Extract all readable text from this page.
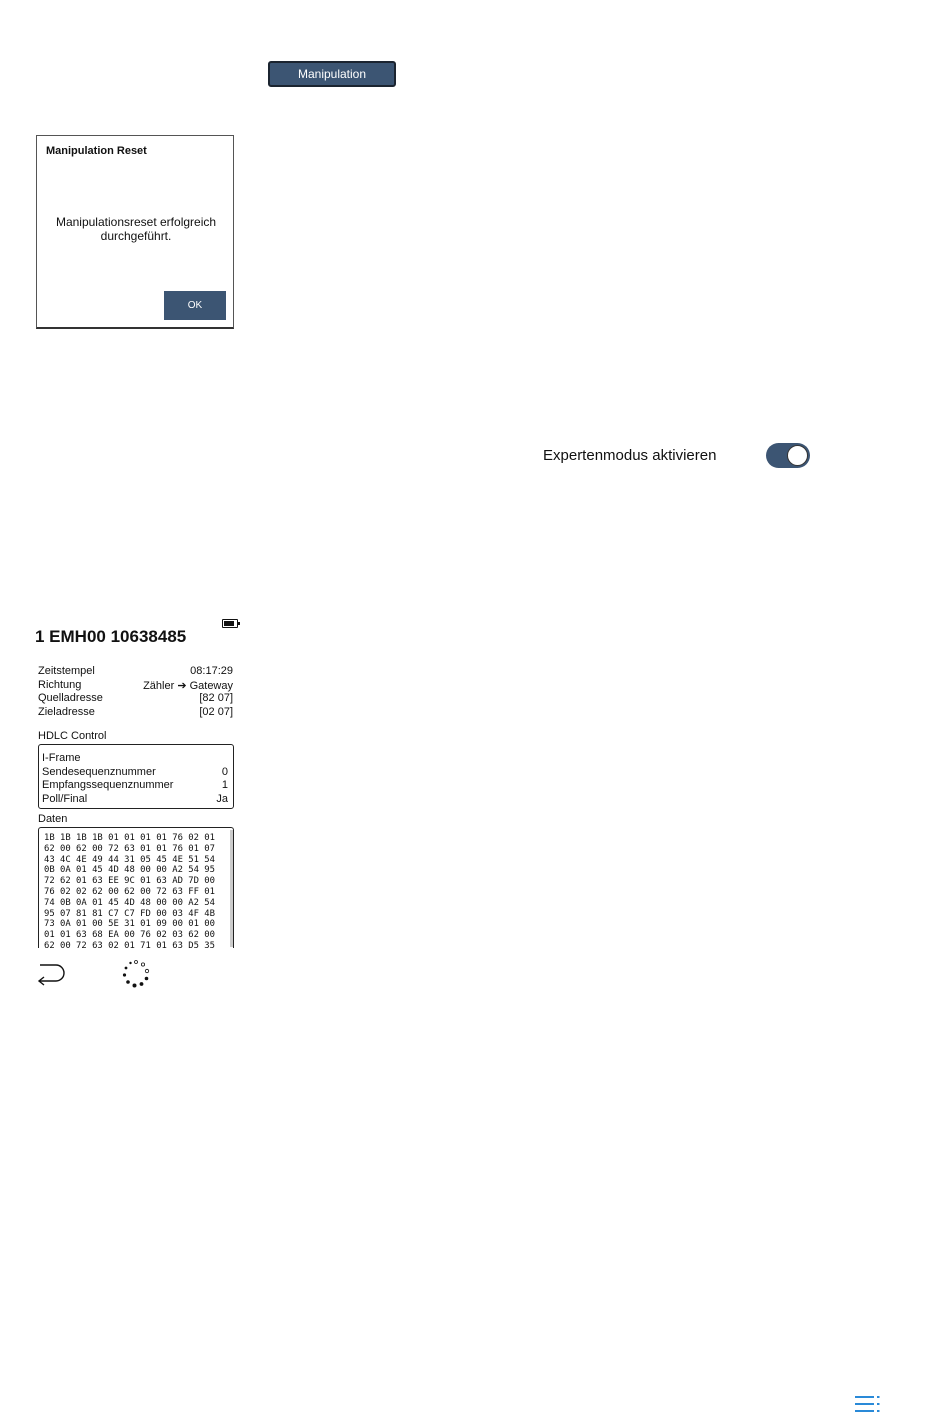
Manipulation
Manipulation Reset
Manipulationsreset erfolgreich
durchgeführt.
OK
Expertenmodus aktivieren
1 EMH00 10638485
Zeitstempel	08:17:29
Richtung	Zähler ➔ Gateway
Quelladresse	[82 07]
Zieladresse	[02 07]
HDLC Control
I-Frame
Sendesequenznummer	0
Empfangssequenznummer	1
Poll/Final	Ja
Daten
1B 1B 1B 1B 01 01 01 01 76 02 01
62 00 62 00 72 63 01 01 76 01 07
43 4C 4E 49 44 31 05 45 4E 51 54
0B 0A 01 45 4D 48 00 00 A2 54 95
72 62 01 63 EE 9C 01 63 AD 7D 00
76 02 02 62 00 62 00 72 63 FF 01
74 0B 0A 01 45 4D 48 00 00 A2 54
95 07 81 81 C7 C7 FD 00 03 4F 4B
73 0A 01 00 5E 31 01 09 00 01 00
01 01 63 68 EA 00 76 02 03 62 00
62 00 72 63 02 01 71 01 63 D5 35
